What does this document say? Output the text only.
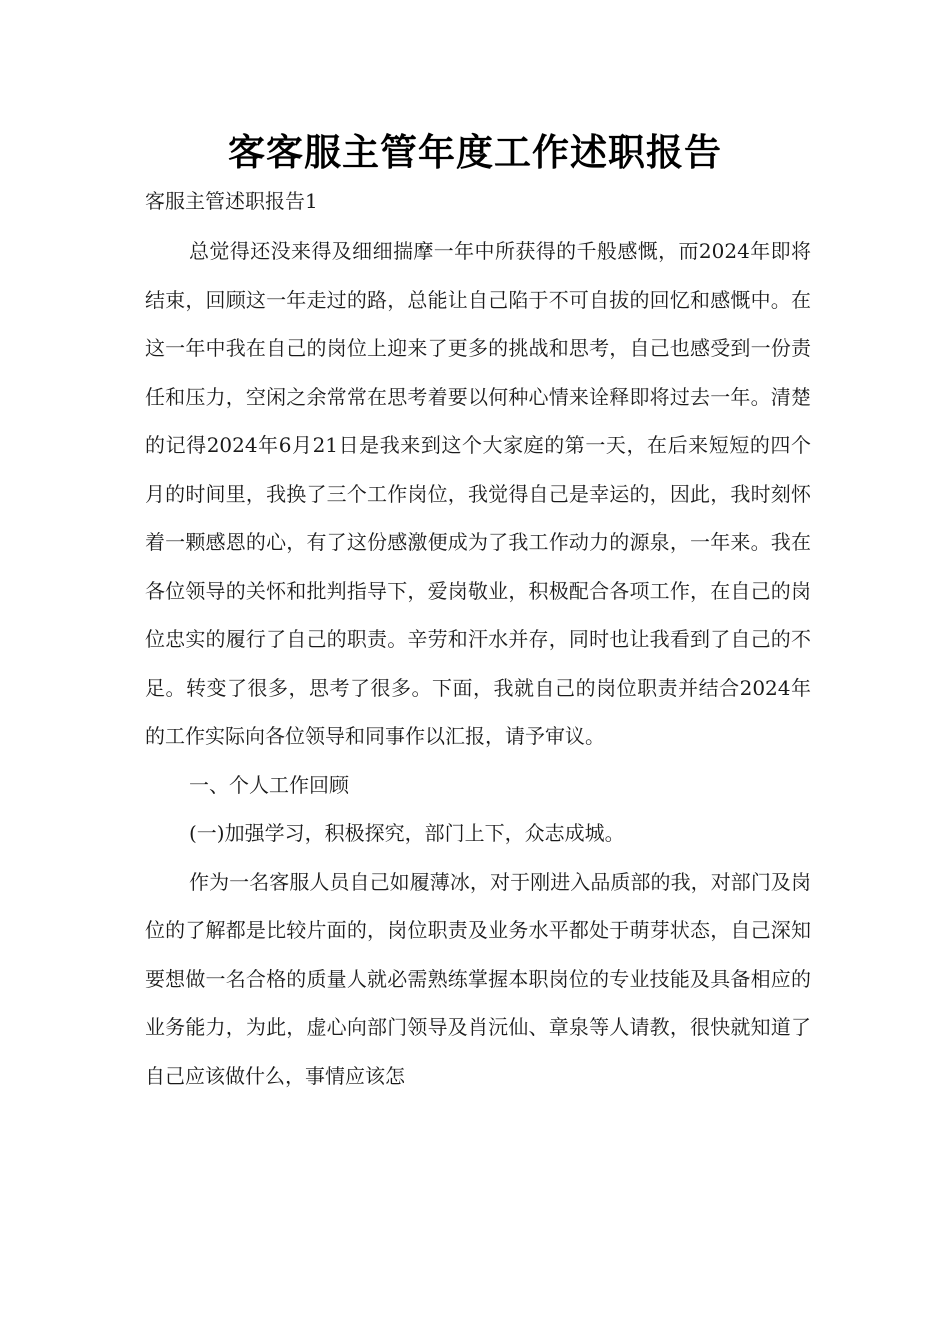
客客服主管年度工作述职报告

客服主管述职报告1

总觉得还没来得及细细揣摩一年中所获得的千般感慨，而2024年即将结束，回顾这一年走过的路，总能让自己陷于不可自拔的回忆和感慨中。在这一年中我在自己的岗位上迎来了更多的挑战和思考，自己也感受到一份责任和压力，空闲之余常常在思考着要以何种心情来诠释即将过去一年。清楚的记得2024年6月21日是我来到这个大家庭的第一天，在后来短短的四个月的时间里，我换了三个工作岗位，我觉得自己是幸运的，因此，我时刻怀着一颗感恩的心，有了这份感激便成为了我工作动力的源泉，一年来。我在各位领导的关怀和批判指导下，爱岗敬业，积极配合各项工作，在自己的岗位忠实的履行了自己的职责。辛劳和汗水并存，同时也让我看到了自己的不足。转变了很多，思考了很多。下面，我就自己的岗位职责并结合2024年的工作实际向各位领导和同事作以汇报，请予审议。

一、个人工作回顾

(一)加强学习，积极探究，部门上下，众志成城。

作为一名客服人员自己如履薄冰，对于刚进入品质部的我，对部门及岗位的了解都是比较片面的，岗位职责及业务水平都处于萌芽状态，自己深知要想做一名合格的质量人就必需熟练掌握本职岗位的专业技能及具备相应的业务能力，为此，虚心向部门领导及肖沅仙、章泉等人请教，很快就知道了自己应该做什么，事情应该怎
